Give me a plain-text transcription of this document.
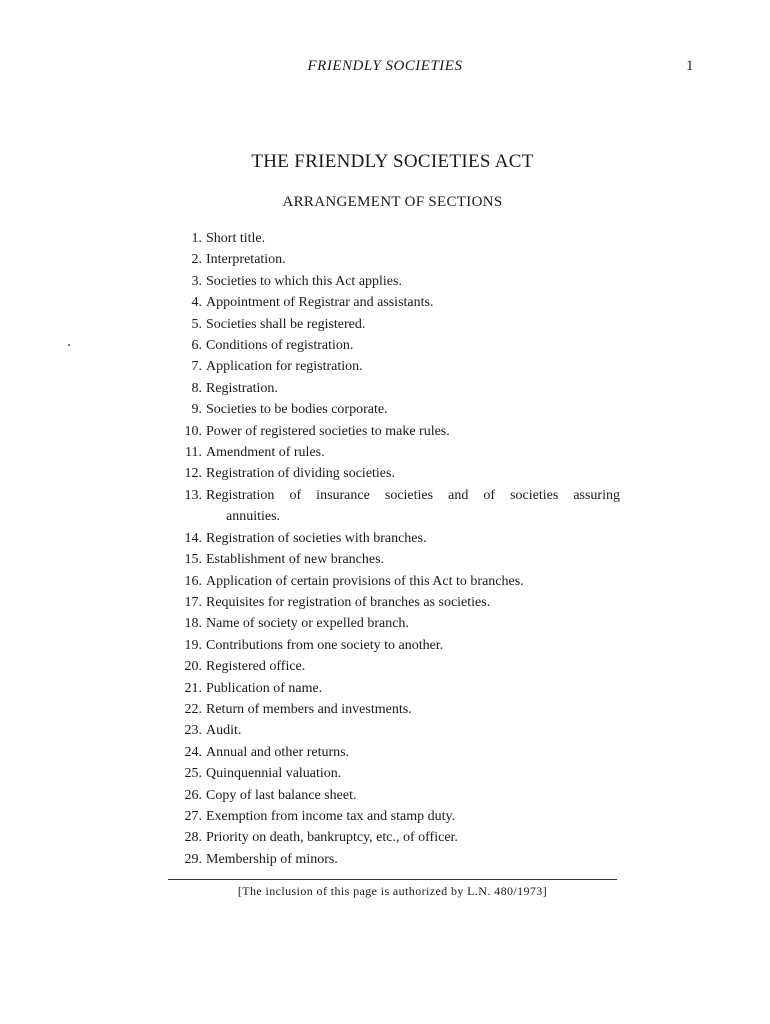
FRIENDLY SOCIETIES	1
THE FRIENDLY SOCIETIES ACT
ARRANGEMENT OF SECTIONS
1. Short title.
2. Interpretation.
3. Societies to which this Act applies.
4. Appointment of Registrar and assistants.
5. Societies shall be registered.
6. Conditions of registration.
7. Application for registration.
8. Registration.
9. Societies to be bodies corporate.
10. Power of registered societies to make rules.
11. Amendment of rules.
12. Registration of dividing societies.
13. Registration of insurance societies and of societies assuring
annuities.
14. Registration of societies with branches.
15. Establishment of new branches.
16. Application of certain provisions of this Act to branches.
17. Requisites for registration of branches as societies.
18. Name of society or expelled branch.
19. Contributions from one society to another.
20. Registered office.
21. Publication of name.
22. Return of members and investments.
23. Audit.
24. Annual and other returns.
25. Quinquennial valuation.
26. Copy of last balance sheet.
27. Exemption from income tax and stamp duty.
28. Priority on death, bankruptcy, etc., of officer.
29. Membership of minors.
[The inclusion of this page is authorized by L.N. 480/1973]
